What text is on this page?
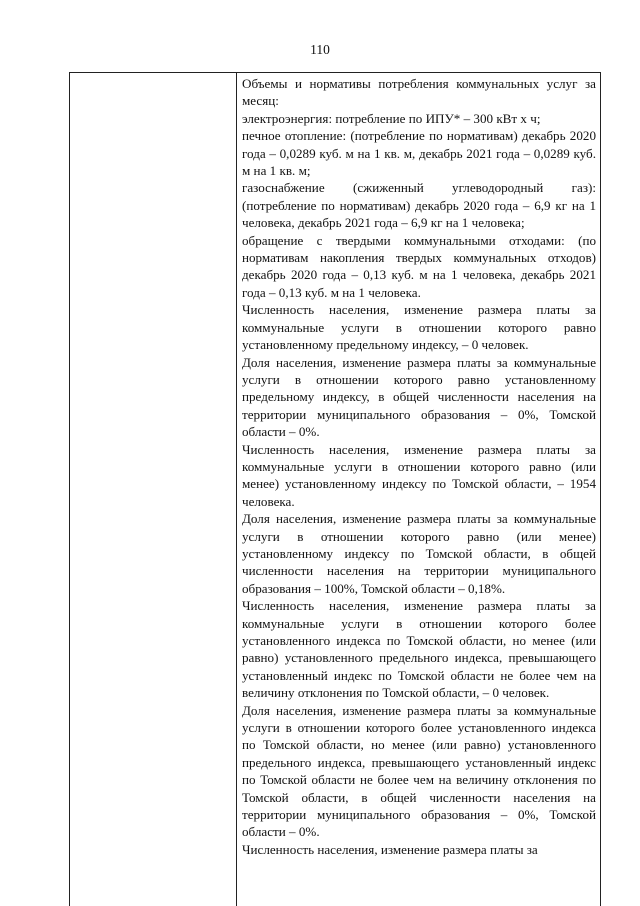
110

Объемы и нормативы потребления коммунальных услуг за месяц:

электроэнергия: потребление по ИПУ* – 300 кВт х ч;

печное отопление: (потребление по нормативам) декабрь 2020 года – 0,0289 куб. м на 1 кв. м, декабрь 2021 года – 0,0289 куб. м на 1 кв. м;

газоснабжение (сжиженный углеводородный газ): (потребление по нормативам) декабрь 2020 года – 6,9 кг на 1 человека, декабрь 2021 года – 6,9 кг на 1 человека;

обращение с твердыми коммунальными отходами: (по нормативам накопления твердых коммунальных отходов) декабрь 2020 года – 0,13 куб. м на 1 человека, декабрь 2021 года – 0,13 куб. м на 1 человека.

Численность населения, изменение размера платы за коммунальные услуги в отношении которого равно установленному предельному индексу, – 0 человек.

Доля населения, изменение размера платы за коммунальные услуги в отношении которого равно установленному предельному индексу, в общей численности населения на территории муниципального образования – 0%, Томской области – 0%.

Численность населения, изменение размера платы за коммунальные услуги в отношении которого равно (или менее) установленному индексу по Томской области, – 1954 человека.

Доля населения, изменение размера платы за коммунальные услуги в отношении которого равно (или менее) установленному индексу по Томской области, в общей численности населения на территории муниципального образования – 100%, Томской области – 0,18%.

Численность населения, изменение размера платы за коммунальные услуги в отношении которого более установленного индекса по Томской области, но менее (или равно) установленного предельного индекса, превышающего установленный индекс по Томской области не более чем на величину отклонения по Томской области, – 0 человек.

Доля населения, изменение размера платы за коммунальные услуги в отношении которого более установленного индекса по Томской области, но менее (или равно) установленного предельного индекса, превышающего установленный индекс по Томской области не более чем на величину отклонения по Томской области, в общей численности населения на территории муниципального образования – 0%, Томской области – 0%.

Численность населения, изменение размера платы за
